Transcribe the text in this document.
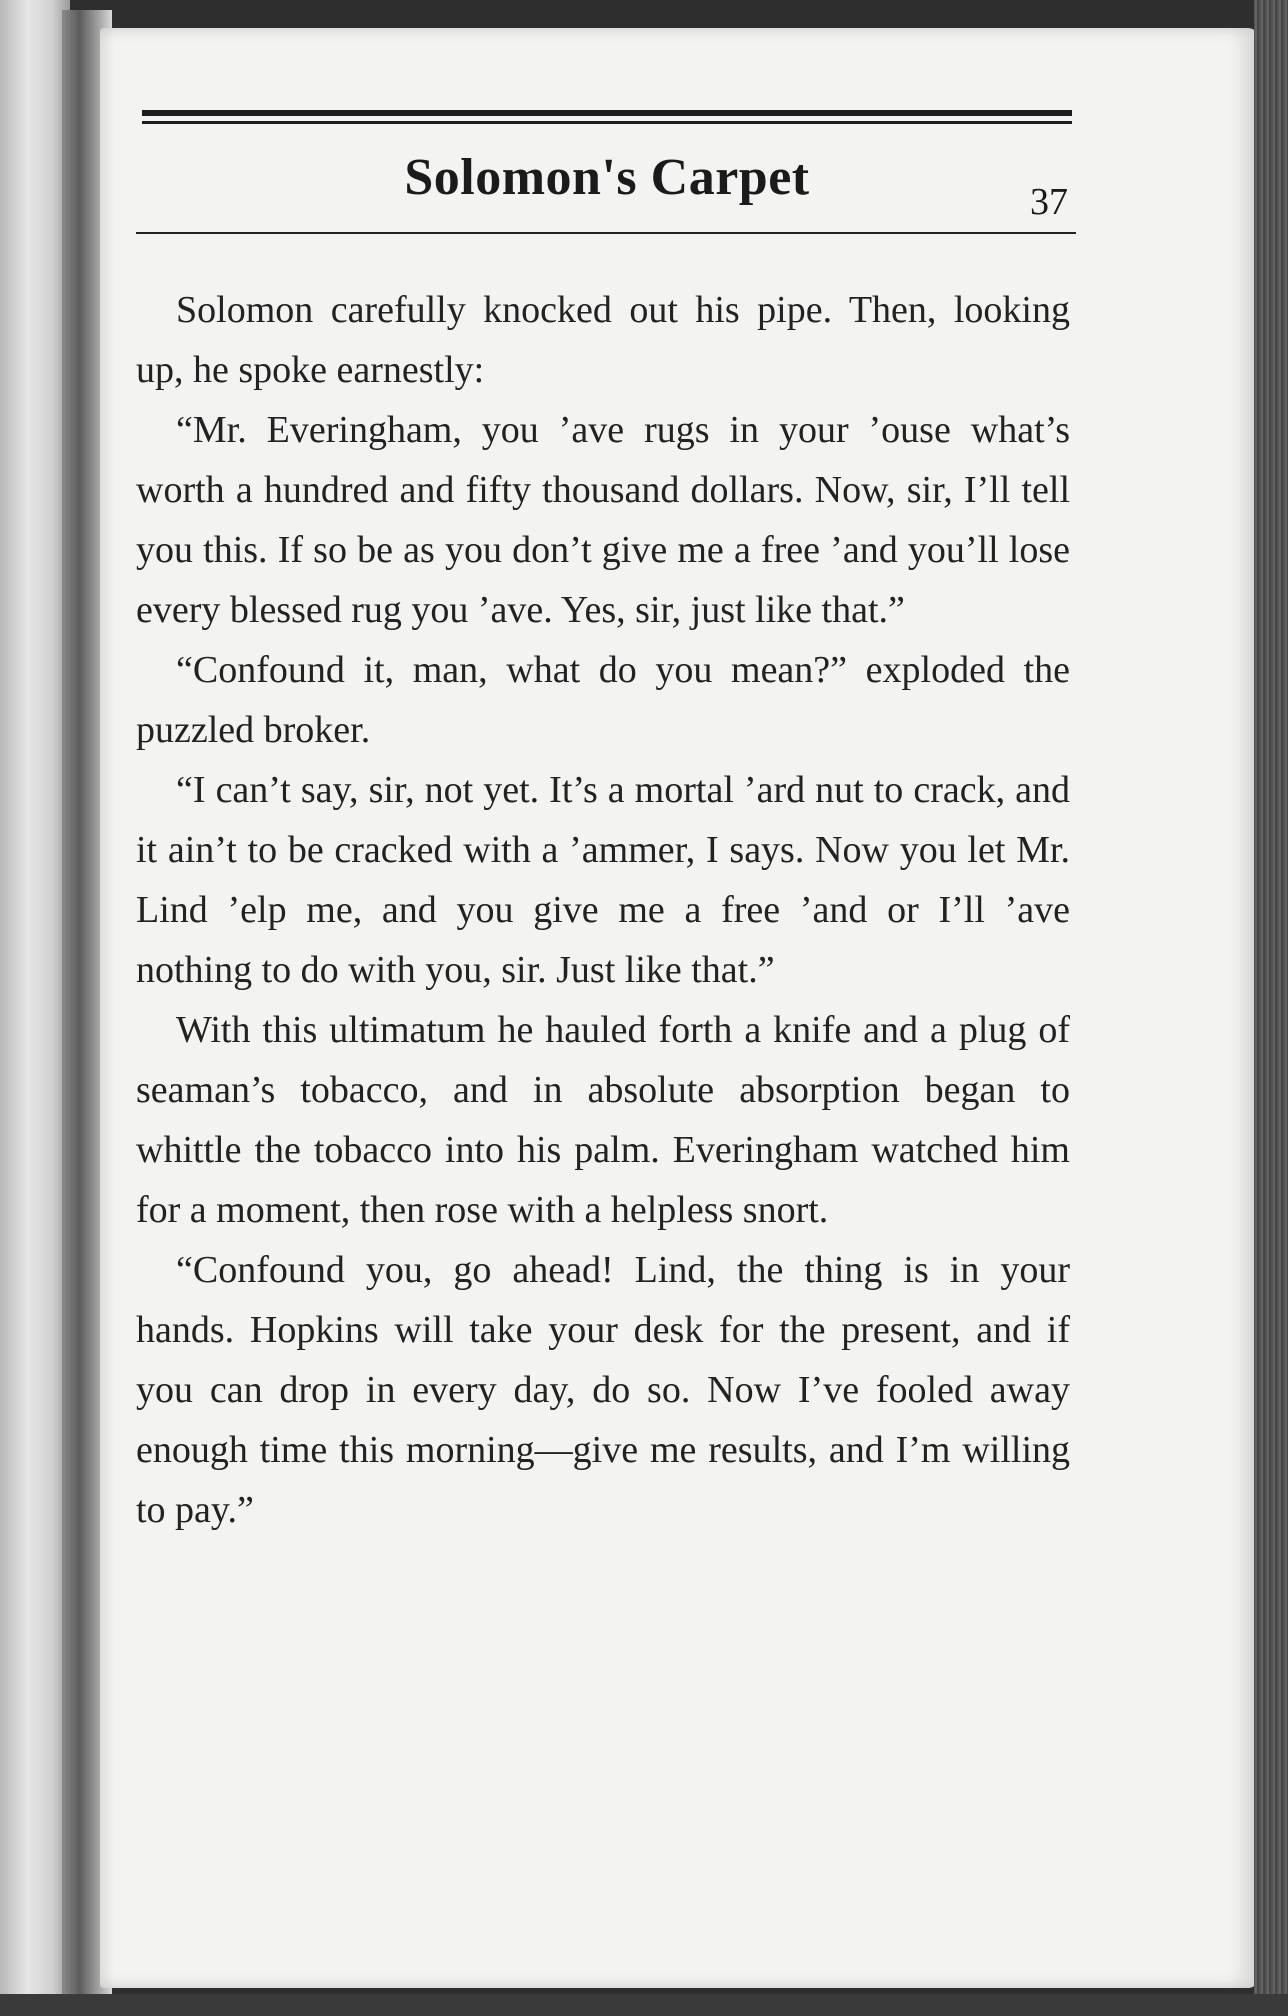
Solomon's Carpet	37

Solomon carefully knocked out his pipe. Then, looking up, he spoke earnestly:

“Mr. Everingham, you ’ave rugs in your ’ouse what’s worth a hundred and fifty thousand dollars. Now, sir, I’ll tell you this. If so be as you don’t give me a free ’and you’ll lose every blessed rug you ’ave. Yes, sir, just like that.”

“Confound it, man, what do you mean?” exploded the puzzled broker.

“I can’t say, sir, not yet. It’s a mortal ’ard nut to crack, and it ain’t to be cracked with a ’ammer, I says. Now you let Mr. Lind ’elp me, and you give me a free ’and or I’ll ’ave nothing to do with you, sir. Just like that.”

With this ultimatum he hauled forth a knife and a plug of seaman’s tobacco, and in absolute absorption began to whittle the tobacco into his palm. Everingham watched him for a moment, then rose with a helpless snort.

“Confound you, go ahead! Lind, the thing is in your hands. Hopkins will take your desk for the present, and if you can drop in every day, do so. Now I’ve fooled away enough time this morning—give me results, and I’m willing to pay.”
